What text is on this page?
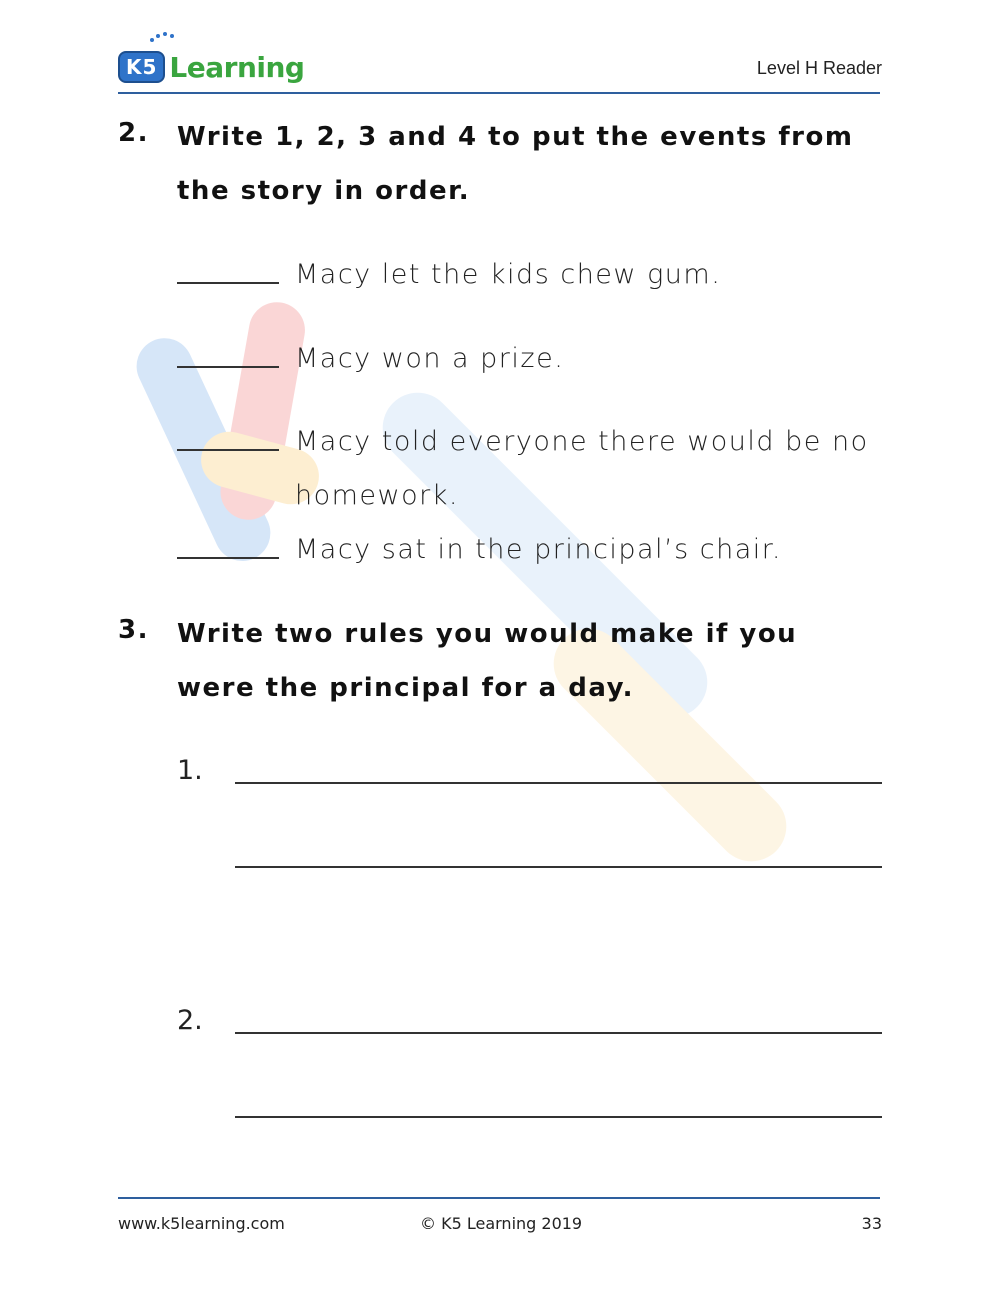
K5 Learning	Level H Reader
2. Write 1, 2, 3 and 4 to put the events from the story in order.
Macy let the kids chew gum.
Macy won a prize.
Macy told everyone there would be no homework.
Macy sat in the principal’s chair.
3. Write two rules you would make if you were the principal for a day.
1.
2.
www.k5learning.com	© K5 Learning 2019	33
